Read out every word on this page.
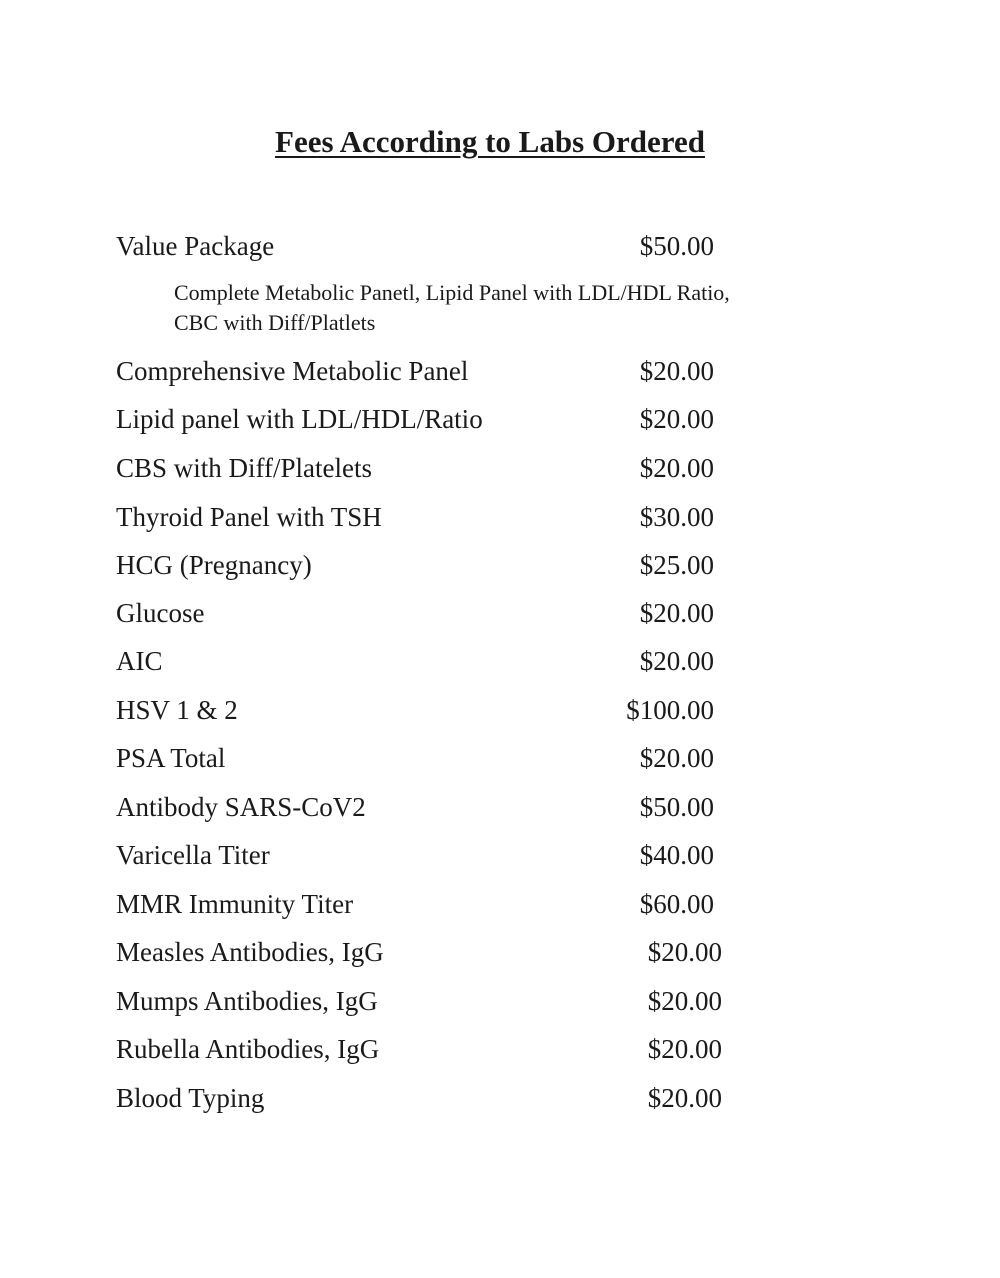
Fees According to Labs Ordered
Value Package	$50.00
Complete Metabolic Panetl, Lipid Panel with LDL/HDL Ratio,
CBC with Diff/Platlets
Comprehensive Metabolic Panel	$20.00
Lipid panel with LDL/HDL/Ratio	$20.00
CBS with Diff/Platelets	$20.00
Thyroid Panel with TSH	$30.00
HCG (Pregnancy)	$25.00
Glucose	$20.00
AIC	$20.00
HSV 1 & 2	$100.00
PSA Total	$20.00
Antibody SARS-CoV2	$50.00
Varicella Titer	$40.00
MMR Immunity Titer	$60.00
Measles Antibodies, IgG	$20.00
Mumps Antibodies, IgG	$20.00
Rubella Antibodies, IgG	$20.00
Blood Typing	$20.00
